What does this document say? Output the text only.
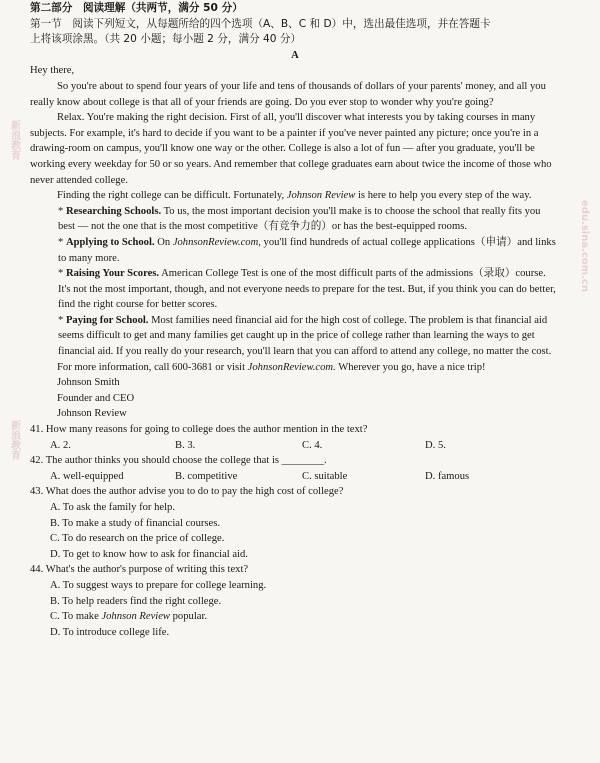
新浪教育
edu.sina.com.cn
新浪教育
第二部分　阅读理解（共两节，满分 50 分）
第一节　阅读下列短文，从每题所给的四个选项（A、B、C 和 D）中，选出最佳选项，并在答题卡
上将该项涂黑。（共 20 小题；每小题 2 分，满分 40 分）
A
Hey there,

So you're about to spend four years of your life and tens of thousands of dollars of your parents' money, and all you really know about college is that all of your friends are going. Do you ever stop to wonder why you're going?

Relax. You're making the right decision. First of all, you'll discover what interests you by taking courses in many subjects. For example, it's hard to decide if you want to be a painter if you've never painted any picture; once you're in a drawing-room on campus, you'll know one way or the other. College is also a lot of fun — after you graduate, you'll be working every weekday for 50 or so years. And remember that college graduates earn about twice the income of those who never attended college.

Finding the right college can be difficult. Fortunately, Johnson Review is here to help you every step of the way.

* Researching Schools. To us, the most important decision you'll make is to choose the school that really fits you best — not the one that is the most competitive（有竞争力的）or has the best-equipped rooms.

* Applying to School. On JohnsonReview.com, you'll find hundreds of actual college applications（申请）and links to many more.

* Raising Your Scores. American College Test is one of the most difficult parts of the admissions（录取）course. It's not the most important, though, and not everyone needs to prepare for the test. But, if you think you can do better, find the right course for better scores.

* Paying for School. Most families need financial aid for the high cost of college. The problem is that financial aid seems difficult to get and many families get caught up in the price of college rather than learning the ways to get financial aid. If you really do your research, you'll learn that you can afford to attend any college, no matter the cost.

For more information, call 600-3681 or visit JohnsonReview.com. Wherever you go, have a nice trip!

Johnson Smith
Founder and CEO
Johnson Review
41. How many reasons for going to college does the author mention in the text?
A. 2.	B. 3.	C. 4.	D. 5.
42. The author thinks you should choose the college that is ________.
A. well-equipped	B. competitive	C. suitable	D. famous
43. What does the author advise you to do to pay the high cost of college?
A. To ask the family for help.
B. To make a study of financial courses.
C. To do research on the price of college.
D. To get to know how to ask for financial aid.
44. What's the author's purpose of writing this text?
A. To suggest ways to prepare for college learning.
B. To help readers find the right college.
C. To make Johnson Review popular.
D. To introduce college life.
